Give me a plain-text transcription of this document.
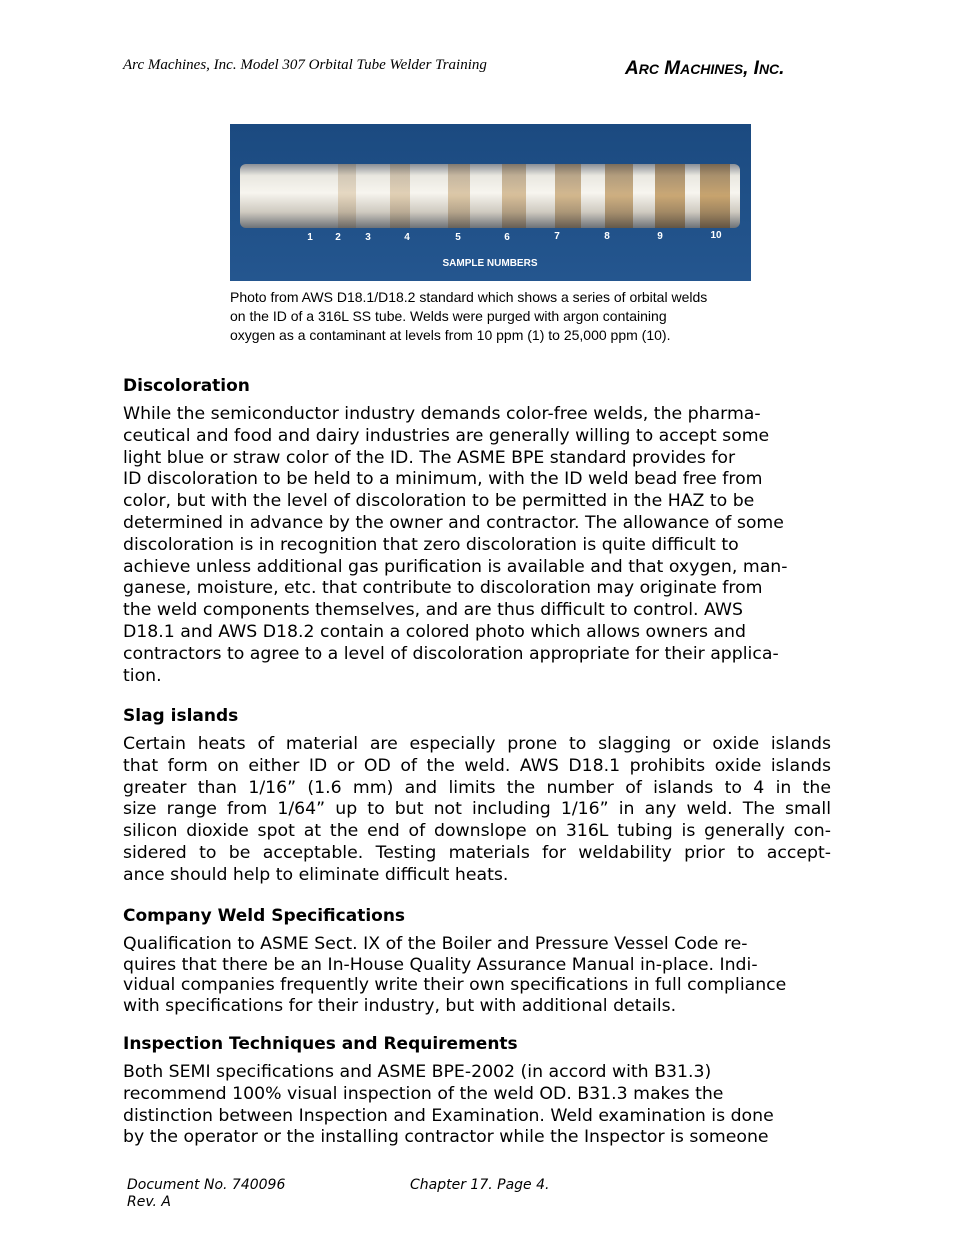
Arc Machines, Inc. Model 307 Orbital Tube Welder Training	ARC MACHINES, INC.
1 2 3	4	5	6	7	8	9	10
SAMPLE NUMBERS
Photo from AWS D18.1/D18.2 standard which shows a series of orbital welds
on the ID of a 316L SS tube. Welds were purged with argon containing
oxygen as a contaminant at levels from 10 ppm (1) to 25,000 ppm (10).
Discoloration
While the semiconductor industry demands color-free welds, the pharma-
ceutical and food and dairy industries are generally willing to accept some
light blue or straw color of the ID. The ASME BPE standard provides for
ID discoloration to be held to a minimum, with the ID weld bead free from
color, but with the level of discoloration to be permitted in the HAZ to be
determined in advance by the owner and contractor. The allowance of some
discoloration is in recognition that zero discoloration is quite difficult to
achieve unless additional gas purification is available and that oxygen, man-
ganese, moisture, etc. that contribute to discoloration may originate from
the weld components themselves, and are thus difficult to control. AWS
D18.1 and AWS D18.2 contain a colored photo which allows owners and
contractors to agree to a level of discoloration appropriate for their applica-
tion.
Slag islands
Certain heats of material are especially prone to slagging or oxide islands
that form on either ID or OD of the weld. AWS D18.1 prohibits oxide islands
greater than 1/16” (1.6 mm) and limits the number of islands to 4 in the
size range from 1/64” up to but not including 1/16” in any weld. The small
silicon dioxide spot at the end of downslope on 316L tubing is generally con-
sidered to be acceptable. Testing materials for weldability prior to accept-
ance should help to eliminate difficult heats.
Company Weld Specifications
Qualification to ASME Sect. IX of the Boiler and Pressure Vessel Code re-
quires that there be an In-House Quality Assurance Manual in-place. Indi-
vidual companies frequently write their own specifications in full compliance
with specifications for their industry, but with additional details.
Inspection Techniques and Requirements
Both SEMI specifications and ASME BPE-2002 (in accord with B31.3)
recommend 100% visual inspection of the weld OD. B31.3 makes the
distinction between Inspection and Examination. Weld examination is done
by the operator or the installing contractor while the Inspector is someone
Document No. 740096
Rev. A
Chapter 17. Page 4.
